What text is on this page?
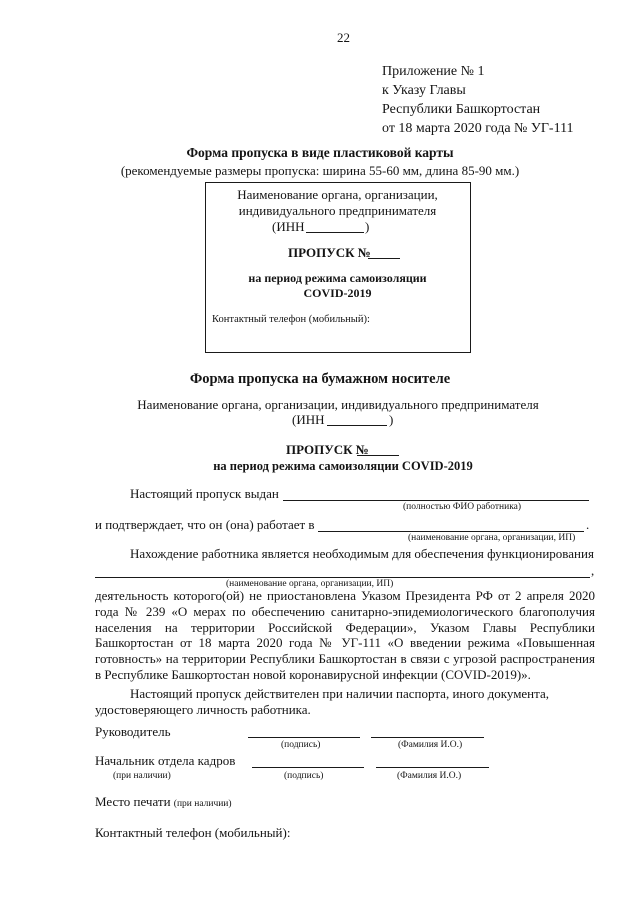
22
Приложение № 1
к Указу Главы
Республики Башкортостан
от 18 марта 2020 года № УГ-111
Форма пропуска в виде пластиковой карты
(рекомендуемые размеры пропуска: ширина 55-60 мм, длина 85-90 мм.)
Наименование органа, организации,
индивидуального предпринимателя
(ИНН	)
ПРОПУСК №
на период режима самоизоляции
COVID-2019
Контактный телефон (мобильный):
Форма пропуска на бумажном носителе
Наименование органа, организации, индивидуального предпринимателя
(ИНН	)
ПРОПУСК №
на период режима самоизоляции COVID-2019
Настоящий пропуск выдан
(полностью ФИО работника)
и подтверждает, что он (она) работает в	.
(наименование органа, организации, ИП)
Нахождение работника является необходимым для обеспечения функционирования
,
(наименование органа, организации, ИП)
деятельность которого(ой) не приостановлена Указом Президента РФ от 2 апреля 2020
года № 239 «О мерах по обеспечению санитарно-эпидемиологического благополучия
населения на территории Российской Федерации», Указом Главы Республики
Башкортостан от 18 марта 2020 года № УГ-111 «О введении режима «Повышенная
готовность» на территории Республики Башкортостан в связи с угрозой распространения
в Республике Башкортостан новой коронавирусной инфекции (COVID-2019)».
Настоящий пропуск действителен при наличии паспорта, иного документа,
удостоверяющего личность работника.
Руководитель
(подпись)	(Фамилия И.О.)
Начальник отдела кадров
(при наличии)	(подпись)	(Фамилия И.О.)
Место печати (при наличии)
Контактный телефон (мобильный):
